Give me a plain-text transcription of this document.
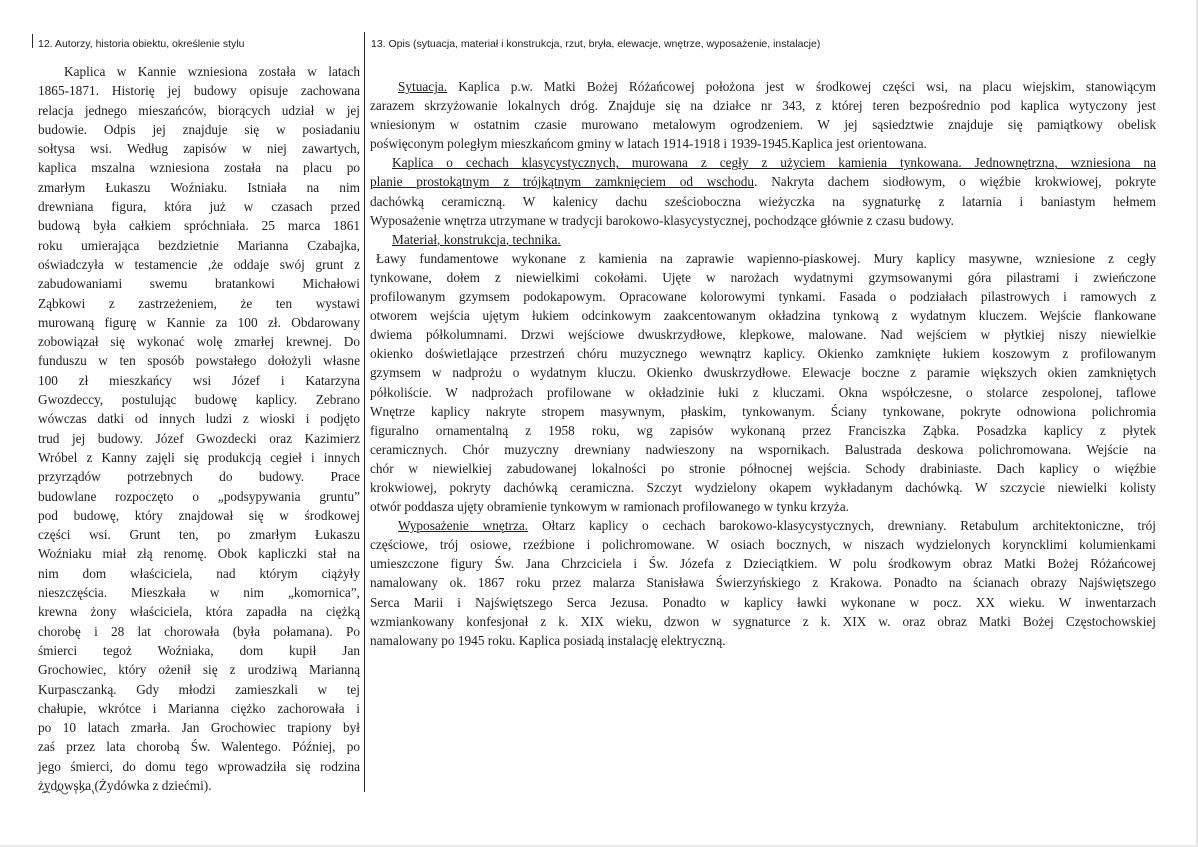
12. Autorzy, historia obiektu, określenie stylu	13. Opis (sytuacja, materiał i konstrukcja, rzut, bryła, elewacje, wnętrze, wyposażenie, instalacje)
Kaplica w Kannie wzniesiona została w latach
1865-1871. Historię jej budowy opisuje zachowana
relacja jednego mieszańców, biorących udział w jej
budowie. Odpis jej znajduje się w posiadaniu
sołtysa wsi. Według zapisów w niej zawartych,
kaplica mszalna wzniesiona została na placu po
zmarłym Łukaszu Woźniaku. Istniała na nim
drewniana figura, która już w czasach przed
budową była całkiem spróchniała. 25 marca 1861
roku umierająca bezdzietnie Marianna Czabajka,
oświadczyła w testamencie ,że oddaje swój grunt z
zabudowaniami swemu bratankowi Michałowi
Ząbkowi z zastrzeżeniem, że ten wystawi
murowaną figurę w Kannie za 100 zł. Obdarowany
zobowiązał się wykonać wolę zmarłej krewnej. Do
funduszu w ten sposób powstałego dołożyli własne
100 zł mieszkańcy wsi Józef i Katarzyna
Gwozdeccy, postulując budowę kaplicy. Zebrano
wówczas datki od innych ludzi z wioski i podjęto
trud jej budowy. Józef Gwozdecki oraz Kazimierz
Wróbel z Kanny zajęli się produkcją cegieł i innych
przyrządów potrzebnych do budowy. Prace
budowlane rozpoczęto o „podsypywania gruntu”
pod budowę, który znajdował się w środkowej
części wsi. Grunt ten, po zmarłym Łukaszu
Woźniaku miał złą renomę. Obok kapliczki stał na
nim dom właściciela, nad którym ciążyły
nieszczęścia. Mieszkała w nim „komornica”,
krewna żony właściciela, która zapadła na ciężką
chorobę i 28 lat chorowała (była połamana). Po
śmierci tegoż Woźniaka, dom kupił Jan
Grochowiec, który ożenił się z urodziwą Marianną
Kurpasczanką. Gdy młodzi zamieszkali w tej
chałupie, wkrótce i Marianna ciężko zachorowała i
po 10 latach zmarła. Jan Grochowiec trapiony był
zaś przez lata chorobą Św. Walentego. Później, po
jego śmierci, do domu tego wprowadziła się rodzina
żydowska (Żydówka z dziećmi).
Sytuacja. Kaplica p.w. Matki Bożej Różańcowej położona jest w środkowej części wsi, na placu wiejskim, stanowiącym
zarazem skrzyżowanie lokalnych dróg. Znajduje się na działce nr 343, z której teren bezpośrednio pod kaplica wytyczony jest
wniesionym w ostatnim czasie murowano metalowym ogrodzeniem. W jej sąsiedztwie znajduje się pamiątkowy obelisk
poświęconym poległym mieszkańcom gminy w latach 1914-1918 i 1939-1945.Kaplica jest orientowana.
Kaplica o cechach klasycystycznych, murowana z cegły z użyciem kamienia tynkowana. Jednownętrzna, wzniesiona na
planie prostokątnym z trójkątnym zamknięciem od wschodu. Nakryta dachem siodłowym, o więźbie krokwiowej, pokryte
dachówką ceramiczną. W kalenicy dachu sześcioboczna wieżyczka na sygnaturkę z latarnia i baniastym hełmem
Wyposażenie wnętrza utrzymane w tradycji barokowo-klasycystycznej, pochodzące głównie z czasu budowy.
Materiał, konstrukcja, technika.
Ławy fundamentowe wykonane z kamienia na zaprawie wapienno-piaskowej. Mury kaplicy masywne, wzniesione z cegły
tynkowane, dołem z niewielkimi cokołami. Ujęte w narożach wydatnymi gzymsowanymi góra pilastrami i zwieńczone
profilowanym gzymsem podokapowym. Opracowane kolorowymi tynkami. Fasada o podziałach pilastrowych i ramowych z
otworem wejścia ujętym łukiem odcinkowym zaakcentowanym okładzina tynkową z wydatnym kluczem. Wejście flankowane
dwiema półkolumnami. Drzwi wejściowe dwuskrzydłowe, klepkowe, malowane. Nad wejściem w płytkiej niszy niewielkie
okienko doświetlające przestrzeń chóru muzycznego wewnątrz kaplicy. Okienko zamknięte łukiem koszowym z profilowanym
gzymsem w nadprożu o wydatnym kluczu. Okienko dwuskrzydłowe. Elewacje boczne z paramie większych okien zamkniętych
półkoliście. W nadprożach profilowane w okładzinie łuki z kluczami. Okna współczesne, o stolarce zespolonej, taflowe
Wnętrze kaplicy nakryte stropem masywnym, płaskim, tynkowanym. Ściany tynkowane, pokryte odnowiona polichromia
figuralno ornamentalną z 1958 roku, wg zapisów wykonaną przez Franciszka Ząbka. Posadzka kaplicy z płytek
ceramicznych. Chór muzyczny drewniany nadwieszony na wspornikach. Balustrada deskowa polichromowana. Wejście na
chór w niewielkiej zabudowanej lokalności po stronie północnej wejścia. Schody drabiniaste. Dach kaplicy o więźbie
krokwiowej, pokryty dachówką ceramiczna. Szczyt wydzielony okapem wykładanym dachówką. W szczycie niewielki kolisty
otwór poddasza ujęty obramienie tynkowym w ramionach profilowanego w tynku krzyża.
Wyposażenie wnętrza. Ołtarz kaplicy o cechach barokowo-klasycystycznych, drewniany. Retabulum architektoniczne, trój
częściowe, trój osiowe, rzeźbione i polichromowane. W osiach bocznych, w niszach wydzielonych koryncklimi kolumienkami
umieszczone figury Św. Jana Chrzciciela i Św. Józefa z Dzieciątkiem. W polu środkowym obraz Matki Bożej Różańcowej
namalowany ok. 1867 roku przez malarza Stanisława Świerzyńskiego z Krakowa. Ponadto na ścianach obrazy Najświętszego
Serca Marii i Najświętszego Serca Jezusa. Ponadto w kaplicy ławki wykonane w pocz. XX wieku. W inwentarzach
wzmiankowany konfesjonał z k. XIX wieku, dzwon w sygnaturce z k. XIX w. oraz obraz Matki Bożej Częstochowskiej
namalowany po 1945 roku. Kaplica posiadą instalację elektryczną.
